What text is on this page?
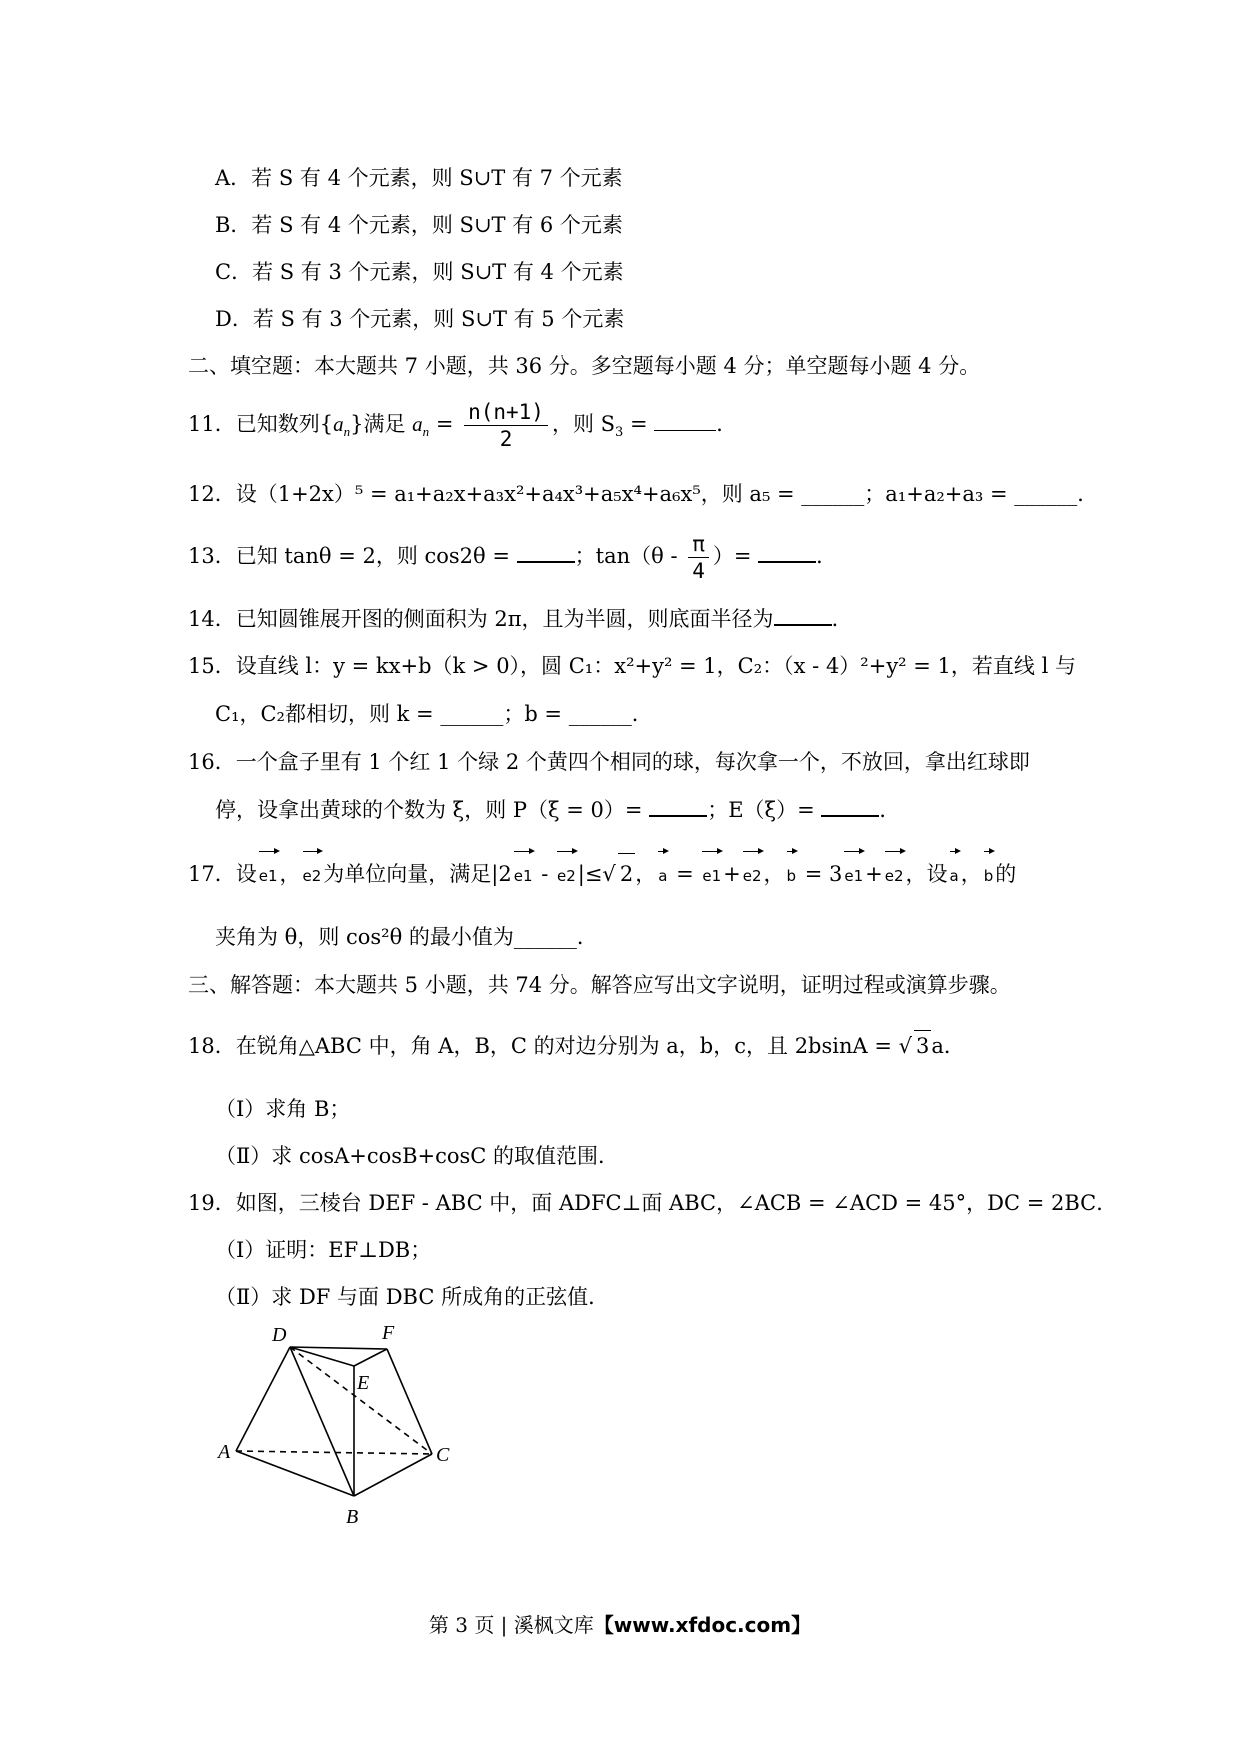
A．若 S 有 4 个元素，则 S∪T 有 7 个元素
B．若 S 有 4 个元素，则 S∪T 有 6 个元素
C．若 S 有 3 个元素，则 S∪T 有 4 个元素
D．若 S 有 3 个元素，则 S∪T 有 5 个元素
二、填空题：本大题共 7 小题，共 36 分。多空题每小题 4 分；单空题每小题 4 分。
11．已知数列$\{a_n\}$满足 $a_n = \frac{n(n+1)}{2}$ ，则 $S_3$ =	．
12．设（1+2x）⁵ = a₁+a₂x+a₃x²+a₄x³+a₅x⁴+a₆x⁵，则 a₅ = ______；a₁+a₂+a₃ = ______．
13．已知 tanθ = 2，则 cos2θ =	；$\tan(\theta - \frac{\pi}{4}$ ）=	．
14．已知圆锥展开图的侧面积为 2π，且为半圆，则底面半径为	．
15．设直线 l：y = kx+b（k > 0），圆 C₁：x²+y² = 1，C₂：（x - 4）²+y² = 1，若直线 l 与
C₁，C₂都相切，则 k = ______；b = ______．
16．一个盒子里有 1 个红 1 个绿 2 个黄四个相同的球，每次拿一个，不放回，拿出红球即
停，设拿出黄球的个数为 ξ，则 P（ξ = 0）=	；E（ξ）=	．
17．设 e1， e2为单位向量，满足|2 e1 - e2|≤√ 2， a = e1+ e2， b = 3 e1+ e2，设 a， b的
夹角为 θ，则 cos²θ 的最小值为______．
三、解答题：本大题共 5 小题，共 74 分。解答应写出文字说明，证明过程或演算步骤。
18．在锐角△ABC 中，角 A，B，C 的对边分别为 a，b，c，且 2bsinA = √ 3a．
（Ⅰ）求角 B；
（Ⅱ）求 cosA+cosB+cosC 的取值范围．
19．如图，三棱台 DEF - ABC 中，面 ADFC⊥面 ABC，∠ACB = ∠ACD = 45°，DC = 2BC．
（Ⅰ）证明：EF⊥DB；
（Ⅱ）求 DF 与面 DBC 所成角的正弦值．
D	F
E
A	C
B
第 3 页 | 溪枫文库【www.xfdoc.com】
